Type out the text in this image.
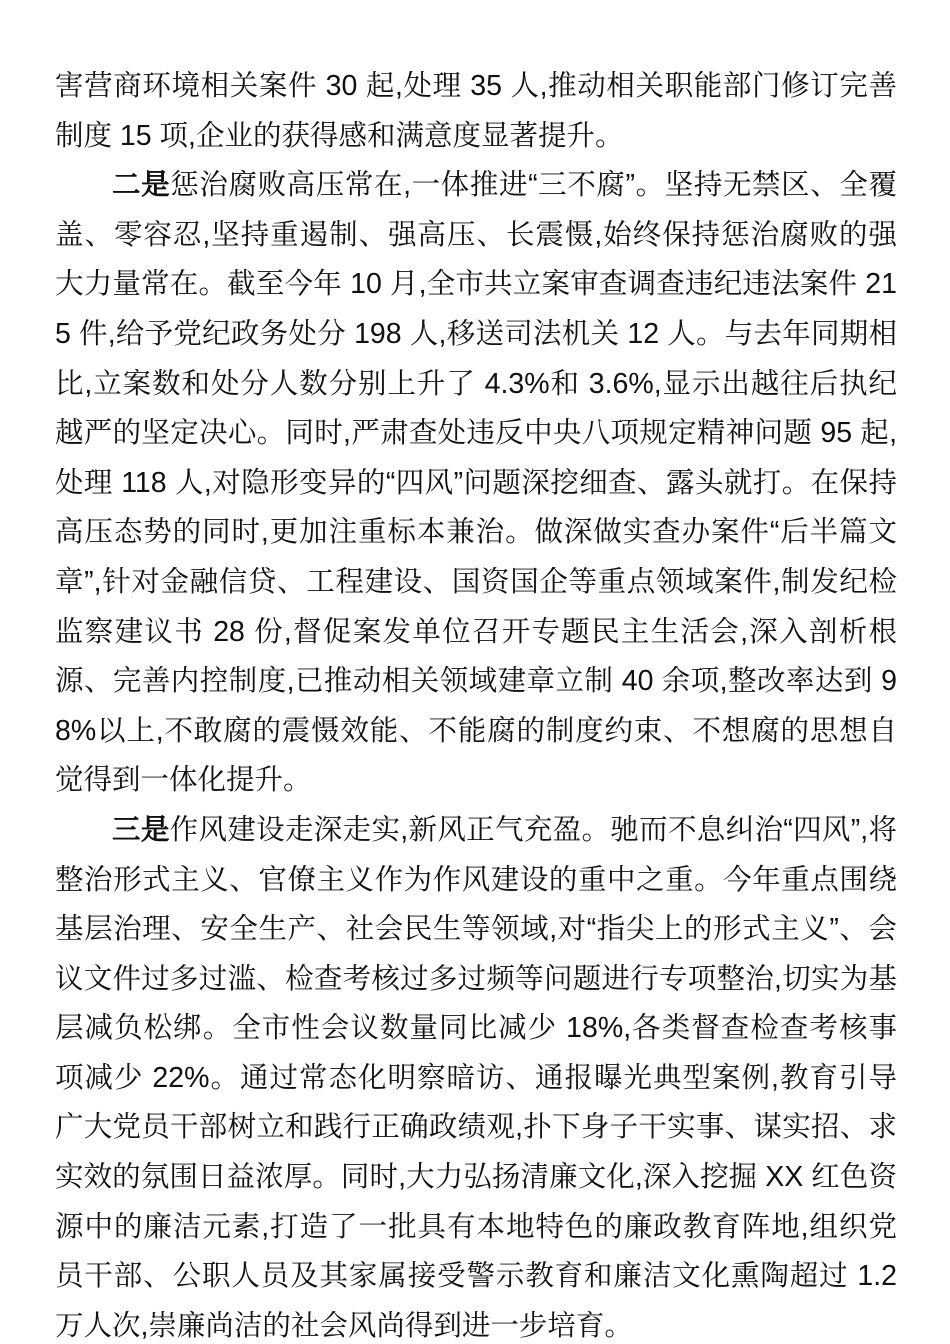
害营商环境相关案件 30 起,处理 35 人,推动相关职能部门修订完善制度 15 项,企业的获得感和满意度显著提升。

二是惩治腐败高压常在,一体推进“三不腐”。坚持无禁区、全覆盖、零容忍,坚持重遏制、强高压、长震慑,始终保持惩治腐败的强大力量常在。截至今年 10 月,全市共立案审查调查违纪违法案件 215 件,给予党纪政务处分 198 人,移送司法机关 12 人。与去年同期相比,立案数和处分人数分别上升了 4.3%和 3.6%,显示出越往后执纪越严的坚定决心。同时,严肃查处违反中央八项规定精神问题 95 起,处理 118 人,对隐形变异的“四风”问题深挖细查、露头就打。在保持高压态势的同时,更加注重标本兼治。做深做实查办案件“后半篇文章”,针对金融信贷、工程建设、国资国企等重点领域案件,制发纪检监察建议书 28 份,督促案发单位召开专题民主生活会,深入剖析根源、完善内控制度,已推动相关领域建章立制 40 余项,整改率达到 98%以上,不敢腐的震慑效能、不能腐的制度约束、不想腐的思想自觉得到一体化提升。

三是作风建设走深走实,新风正气充盈。驰而不息纠治“四风”,将整治形式主义、官僚主义作为作风建设的重中之重。今年重点围绕基层治理、安全生产、社会民生等领域,对“指尖上的形式主义”、会议文件过多过滥、检查考核过多过频等问题进行专项整治,切实为基层减负松绑。全市性会议数量同比减少 18%,各类督查检查考核事项减少 22%。通过常态化明察暗访、通报曝光典型案例,教育引导广大党员干部树立和践行正确政绩观,扑下身子干实事、谋实招、求实效的氛围日益浓厚。同时,大力弘扬清廉文化,深入挖掘 XX 红色资源中的廉洁元素,打造了一批具有本地特色的廉政教育阵地,组织党员干部、公职人员及其家属接受警示教育和廉洁文化熏陶超过 1.2 万人次,崇廉尚洁的社会风尚得到进一步培育。
